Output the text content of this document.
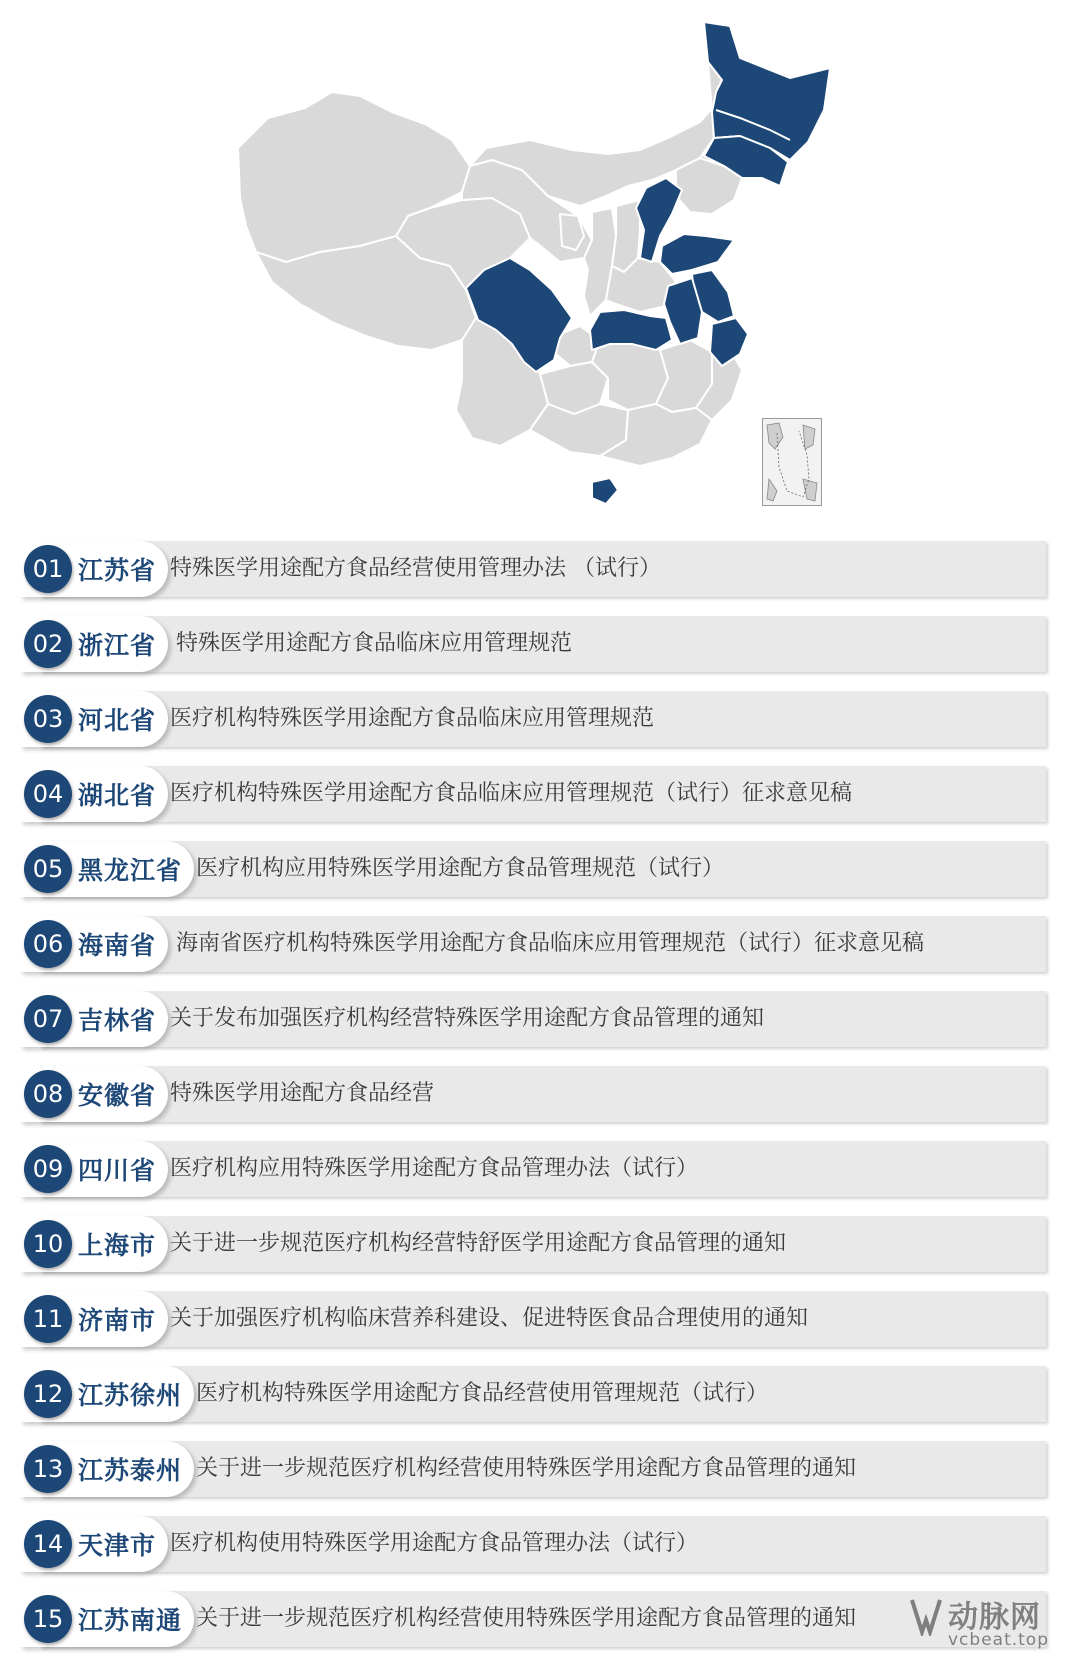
01 江苏省 特殊医学用途配方食品经营使用管理办法 （试行）
02 浙江省 特殊医学用途配方食品临床应用管理规范
03 河北省 医疗机构特殊医学用途配方食品临床应用管理规范
04 湖北省 医疗机构特殊医学用途配方食品临床应用管理规范（试行）征求意见稿
05 黑龙江省 医疗机构应用特殊医学用途配方食品管理规范（试行）
06 海南省 海南省医疗机构特殊医学用途配方食品临床应用管理规范（试行）征求意见稿
07 吉林省 关于发布加强医疗机构经营特殊医学用途配方食品管理的通知
08 安徽省 特殊医学用途配方食品经营
09 四川省 医疗机构应用特殊医学用途配方食品管理办法（试行）
10 上海市 关于进一步规范医疗机构经营特舒医学用途配方食品管理的通知
11 济南市 关于加强医疗机构临床营养科建设、促进特医食品合理使用的通知
12 江苏徐州 医疗机构特殊医学用途配方食品经营使用管理规范（试行）
13 江苏泰州 关于进一步规范医疗机构经营使用特殊医学用途配方食品管理的通知
14 天津市 医疗机构使用特殊医学用途配方食品管理办法（试行）
15 江苏南通 关于进一步规范医疗机构经营使用特殊医学用途配方食品管理的通知	动脉网
vcbeat.top
